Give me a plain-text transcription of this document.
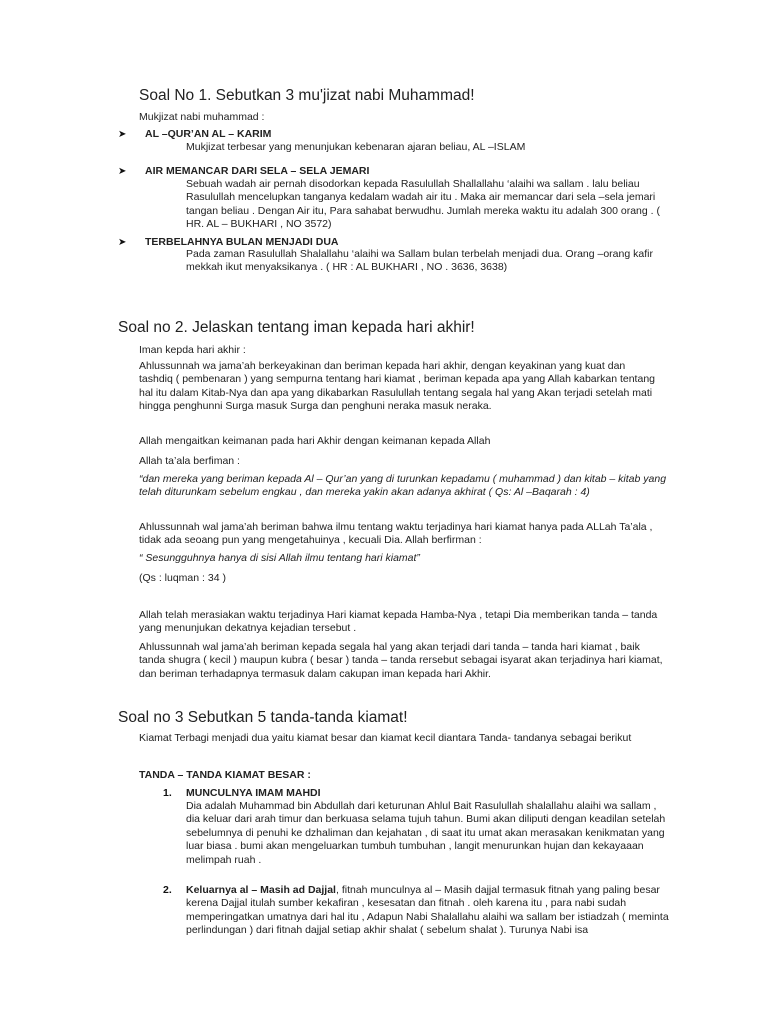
Soal No 1. Sebutkan 3 mu'jizat nabi Muhammad!
Mukjizat nabi muhammad :
➤ AL –QUR’AN AL – KARIM
Mukjizat terbesar yang menunjukan kebenaran ajaran beliau, AL –ISLAM
➤ AIR MEMANCAR DARI SELA – SELA JEMARI
Sebuah wadah air pernah disodorkan kepada Rasulullah Shallallahu ‘alaihi wa sallam . lalu beliau Rasulullah mencelupkan tanganya kedalam wadah air itu . Maka air memancar dari sela –sela jemari tangan beliau . Dengan Air itu, Para sahabat berwudhu. Jumlah mereka waktu itu adalah 300 orang . ( HR. AL – BUKHARI , NO 3572)
➤ TERBELAHNYA BULAN MENJADI DUA
Pada zaman Rasulullah Shalallahu ‘alaihi wa Sallam bulan terbelah menjadi dua. Orang –orang kafir mekkah ikut menyaksikanya . ( HR : AL BUKHARI , NO . 3636, 3638)
Soal no 2. Jelaskan tentang iman kepada hari akhir!
Iman kepda hari akhir :
Ahlussunnah wa jama’ah berkeyakinan dan beriman kepada hari akhir, dengan keyakinan yang kuat dan tashdiq ( pembenaran ) yang sempurna tentang hari kiamat , beriman kepada apa yang Allah kabarkan tentang hal itu dalam Kitab-Nya dan apa yang dikabarkan Rasulullah tentang segala hal yang Akan terjadi setelah mati hingga penghunni Surga masuk Surga dan penghuni neraka masuk neraka.
Allah mengaitkan keimanan pada hari Akhir dengan keimanan kepada Allah
Allah ta’ala berfiman :
“dan mereka yang beriman kepada Al – Qur’an yang di turunkan kepadamu ( muhammad ) dan kitab – kitab yang telah diturunkam sebelum engkau , dan mereka yakin akan adanya akhirat ( Qs: Al –Baqarah : 4)
Ahlussunnah wal jama’ah beriman bahwa ilmu tentang waktu terjadinya hari kiamat hanya pada ALLah Ta’ala , tidak ada seoang pun yang mengetahuinya , kecuali Dia. Allah berfirman :
“ Sesungguhnya hanya di sisi Allah ilmu tentang hari kiamat”
(Qs : luqman : 34 )
Allah telah merasiakan waktu terjadinya Hari kiamat kepada Hamba-Nya , tetapi Dia memberikan tanda – tanda yang menunjukan dekatnya kejadian tersebut .
Ahlussunnah wal jama’ah beriman kepada segala hal yang akan terjadi dari tanda – tanda hari kiamat , baik tanda shugra ( kecil ) maupun kubra ( besar ) tanda – tanda rersebut sebagai isyarat akan terjadinya hari kiamat, dan beriman terhadapnya termasuk dalam cakupan iman kepada hari Akhir.
Soal no 3 Sebutkan 5 tanda-tanda kiamat!
Kiamat Terbagi menjadi dua yaitu kiamat besar dan kiamat kecil diantara Tanda- tandanya sebagai berikut
TANDA – TANDA KIAMAT BESAR :
1. MUNCULNYA IMAM MAHDI
Dia adalah Muhammad bin Abdullah dari keturunan Ahlul Bait Rasulullah shalallahu alaihi wa sallam , dia keluar dari arah timur dan berkuasa selama tujuh tahun. Bumi akan diliputi dengan keadilan setelah sebelumnya di penuhi ke dzhaliman dan kejahatan , di saat itu umat akan merasakan kenikmatan yang luar biasa . bumi akan mengeluarkan tumbuh tumbuhan , langit menurunkan hujan dan kekayaaan melimpah ruah .
2. Keluarnya al – Masih ad Dajjal, fitnah munculnya al – Masih dajjal termasuk fitnah yang paling besar kerena Dajjal itulah sumber kekafiran , kesesatan dan fitnah . oleh karena itu , para nabi sudah memperingatkan umatnya dari hal itu , Adapun Nabi Shalallahu alaihi wa sallam ber istiadzah ( meminta perlindungan ) dari fitnah dajjal setiap akhir shalat ( sebelum shalat ). Turunya Nabi isa
